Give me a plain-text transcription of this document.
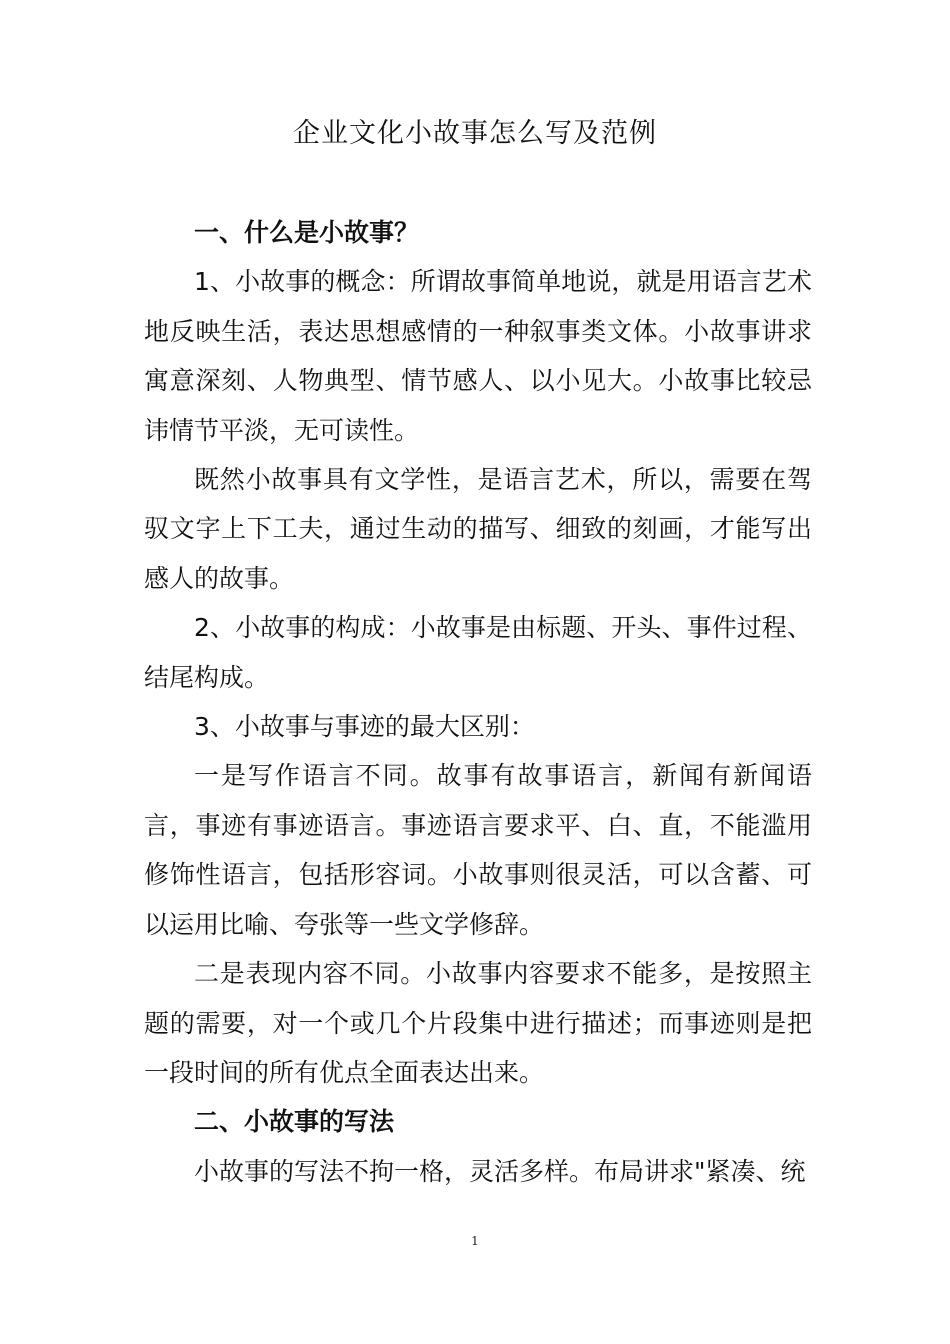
企业文化小故事怎么写及范例

一、什么是小故事？

1、小故事的概念：所谓故事简单地说，就是用语言艺术地反映生活，表达思想感情的一种叙事类文体。小故事讲求寓意深刻、人物典型、情节感人、以小见大。小故事比较忌讳情节平淡，无可读性。

既然小故事具有文学性，是语言艺术，所以，需要在驾驭文字上下工夫，通过生动的描写、细致的刻画，才能写出感人的故事。

2、小故事的构成：小故事是由标题、开头、事件过程、结尾构成。

3、小故事与事迹的最大区别：

一是写作语言不同。故事有故事语言，新闻有新闻语言，事迹有事迹语言。事迹语言要求平、白、直，不能滥用修饰性语言，包括形容词。小故事则很灵活，可以含蓄、可以运用比喻、夸张等一些文学修辞。

二是表现内容不同。小故事内容要求不能多，是按照主题的需要，对一个或几个片段集中进行描述；而事迹则是把一段时间的所有优点全面表达出来。

二、小故事的写法

小故事的写法不拘一格，灵活多样。布局讲求"紧凑、统

1
